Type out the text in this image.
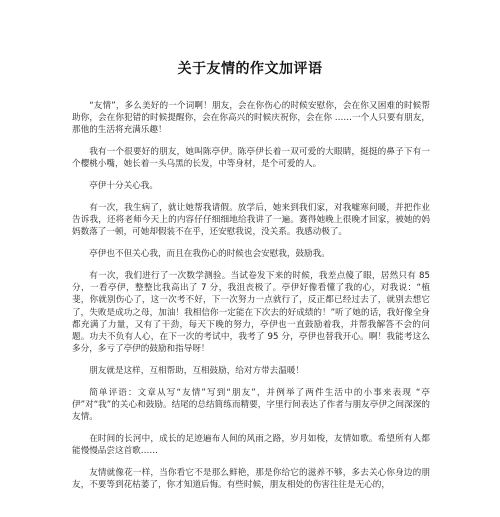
关于友情的作文加评语

“友情”，多么美好的一个词啊！朋友，会在你伤心的时候安慰你，会在你又困难的时候帮助你，会在你犯错的时候提醒你，会在你高兴的时候庆祝你，会在你 ……一个人只要有朋友，那他的生活将充满乐趣！

我有一个很要好的朋友，她叫陈亭伊。陈亭伊长着一双可爱的大眼睛，挺挺的鼻子下有一个樱桃小嘴，她长着一头乌黑的长发，中等身材，是个可爱的人。

亭伊十分关心我。

有一次，我生病了，就让她帮我请假。放学后，她来到我们家，对我嘘寒问暖，并把作业告诉我，还将老师今天上的内容仔仔细细地给我讲了一遍。赛得她晚上很晚才回家，被她的妈妈数落了一顿，可她却假装不在乎，还安慰我说，没关系。我感动极了。

亭伊也不但关心我，而且在我伤心的时候也会安慰我，鼓励我。

有一次，我们进行了一次数学测验。当试卷发下来的时候，我差点傻了眼，居然只有 85 分，一看亭伊，整整比我高出了 7 分，我沮丧极了。亭伊好像看懂了我的心，对我说：“植斐，你就别伤心了，这一次考不好，下一次努力一点就行了，反正都已经过去了，就别去想它了，失败是成功之母，加油！我相信你一定能在下次去的好成绩的！”听了她的话，我好像全身都充满了力量，又有了干劲，每天下晚的努力，亭伊也一直鼓励着我，并帮我解答不会的问题。功夫不负有人心，在下一次的考试中，我考了 95 分，亭伊也替我开心。啊！我能考这么多分，多亏了亭伊的鼓励和指导呀！

朋友就是这样，互相帮助，互相鼓励，给对方带去温暖！

简单评语：文章从写“友情”写到“朋友”，并例举了两件生活中的小事来表现 “亭伊”对“我”的关心和鼓励。结尾的总结简练而精要，字里行间表达了作者与朋友亭伊之间深深的友情。

在时间的长河中，成长的足迹遍布人间的风雨之路，岁月如梭，友情如歌。希望所有人都能慢慢品尝这首歌……

友情就像花一样，当你看它不是那么鲜艳，那是你给它的滋养不够，多去关心你身边的朋友，不要等到花枯萎了，你才知道后悔。有些时候，朋友相处的伤害往往是无心的，
